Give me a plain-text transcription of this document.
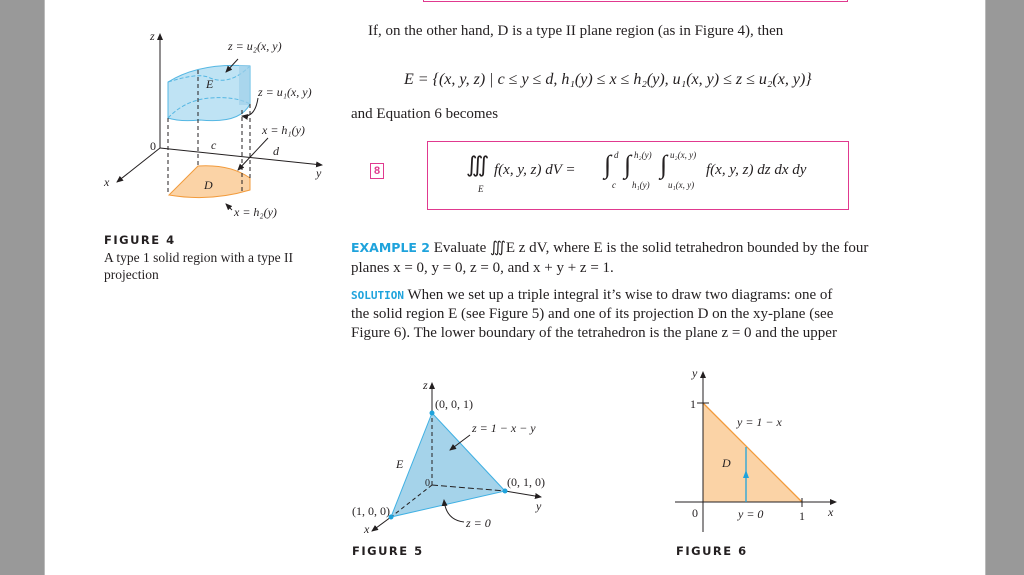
z
z = u₂(x, y)
E
z = u₁(x, y)
x = h₁(y)
0	c	d
y
x	D
x = h₂(y)
FIGURE 4
A type 1 solid region with a type II
projection
If, on the other hand, D is a type II plane region (as in Figure 4), then
E = {(x, y, z) | c ≤ y ≤ d, h₁(y) ≤ x ≤ h₂(y), u₁(x, y) ≤ z ≤ u₂(x, y)}
and Equation 6 becomes
8	∭
E
f(x, y, z) dV = ∫ d
c
∫ h₂(y)
h₁(y)
∫ u₂(x, y)
u₁(x, y)
f(x, y, z) dz dx dy
EXAMPLE 2 Evaluate ∭E z dV, where E is the solid tetrahedron bounded by the four
planes x = 0, y = 0, z = 0, and x + y + z = 1.
SOLUTION When we set up a triple integral it’s wise to draw two diagrams: one of
the solid region E (see Figure 5) and one of its projection D on the xy-plane (see
Figure 6). The lower boundary of the tetrahedron is the plane z = 0 and the upper
z
(0, 0, 1)
z = 1 − x − y
E
0	(0, 1, 0)
y
(1, 0, 0)
x	z = 0
FIGURE 5
y
1
y = 1 − x
D
0	y = 0	1 x
FIGURE 6
